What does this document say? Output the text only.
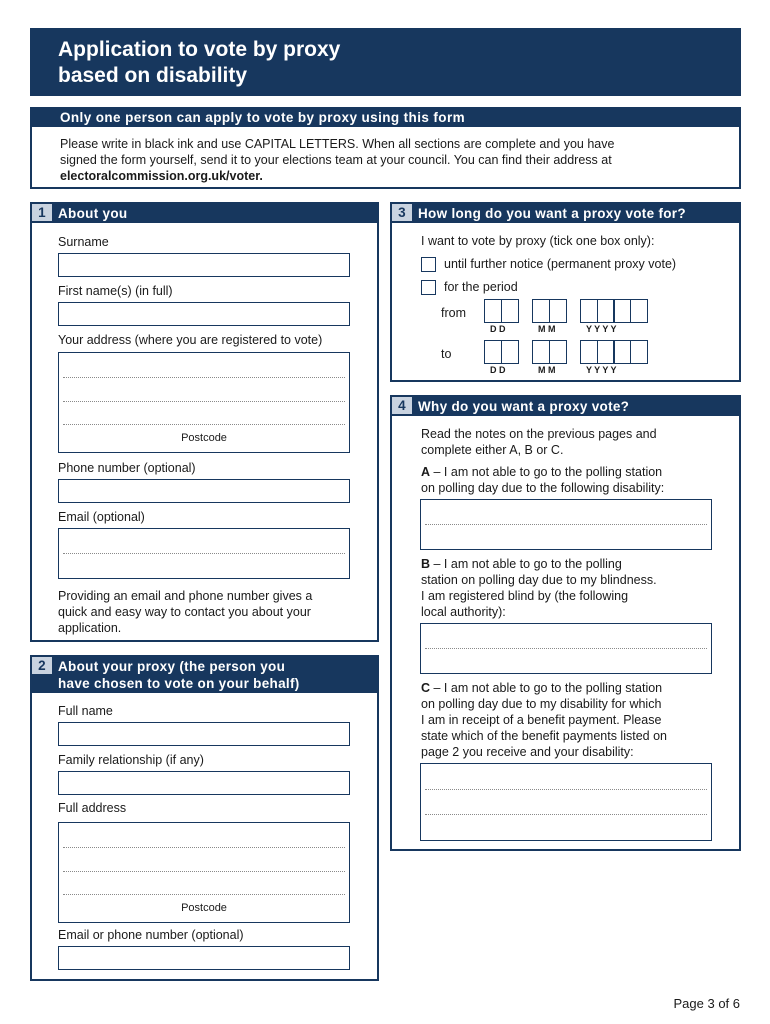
Application to vote by proxy
based on disability
Only one person can apply to vote by proxy using this form
Please write in black ink and use CAPITAL LETTERS. When all sections are complete and you have
signed the form yourself, send it to your elections team at your council. You can find their address at
electoralcommission.org.uk/voter.
1 About you
Surname
First name(s) (in full)
Your address (where you are registered to vote)
Postcode
Phone number (optional)
Email (optional)
Providing an email and phone number gives a
quick and easy way to contact you about your
application.
2 About your proxy (the person you
have chosen to vote on your behalf)
Full name
Family relationship (if any)
Full address
Postcode
Email or phone number (optional)
3 How long do you want a proxy vote for?
I want to vote by proxy (tick one box only):
until further notice (permanent proxy vote)
for the period
from
D D	M M	Y Y Y Y
to
D D	M M	Y Y Y Y
4 Why do you want a proxy vote?
Read the notes on the previous pages and
complete either A, B or C.
A – I am not able to go to the polling station
on polling day due to the following disability:
B – I am not able to go to the polling
station on polling day due to my blindness.
I am registered blind by (the following
local authority):
C – I am not able to go to the polling station
on polling day due to my disability for which
I am in receipt of a benefit payment. Please
state which of the benefit payments listed on
page 2 you receive and your disability:
Page 3 of 6
